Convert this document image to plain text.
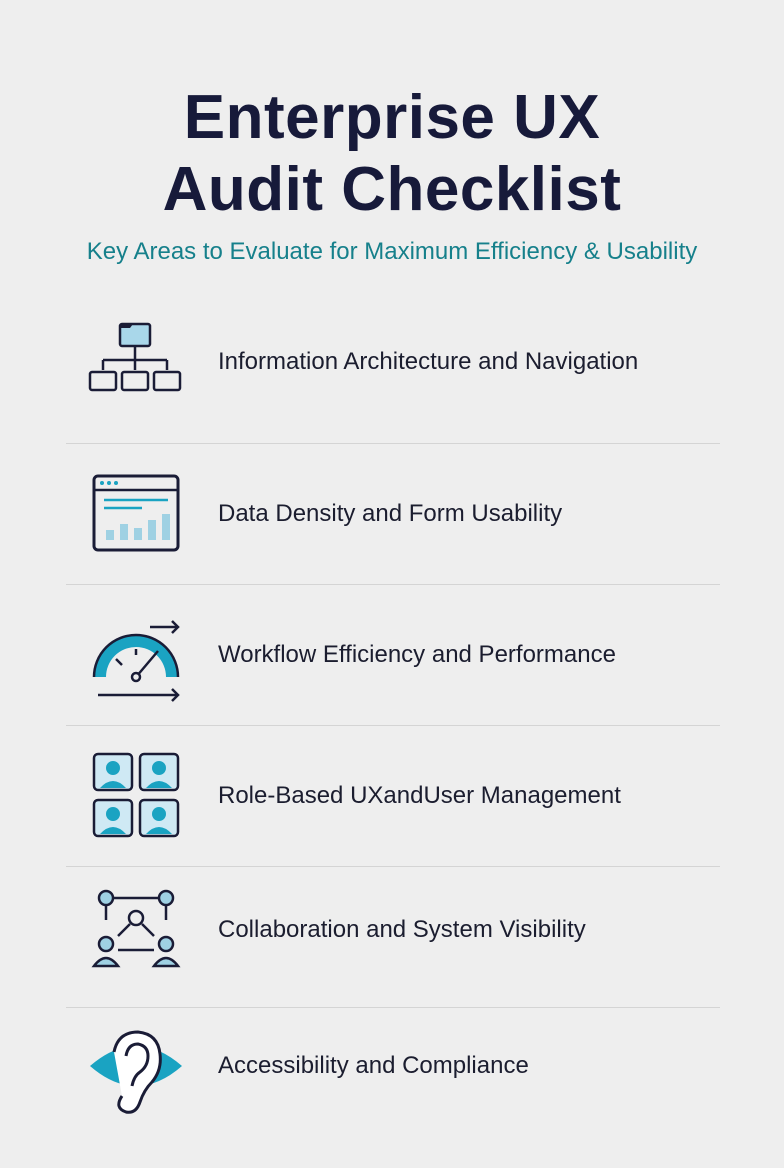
Enterprise UX
Audit Checklist
Key Areas to Evaluate for Maximum Efficiency & Usability
Information Architecture and Navigation
Data Density and Form Usability
Workflow Efficiency and Performance
Role-Based UXandUser Management
Collaboration and System Visibility
Accessibility and Compliance
